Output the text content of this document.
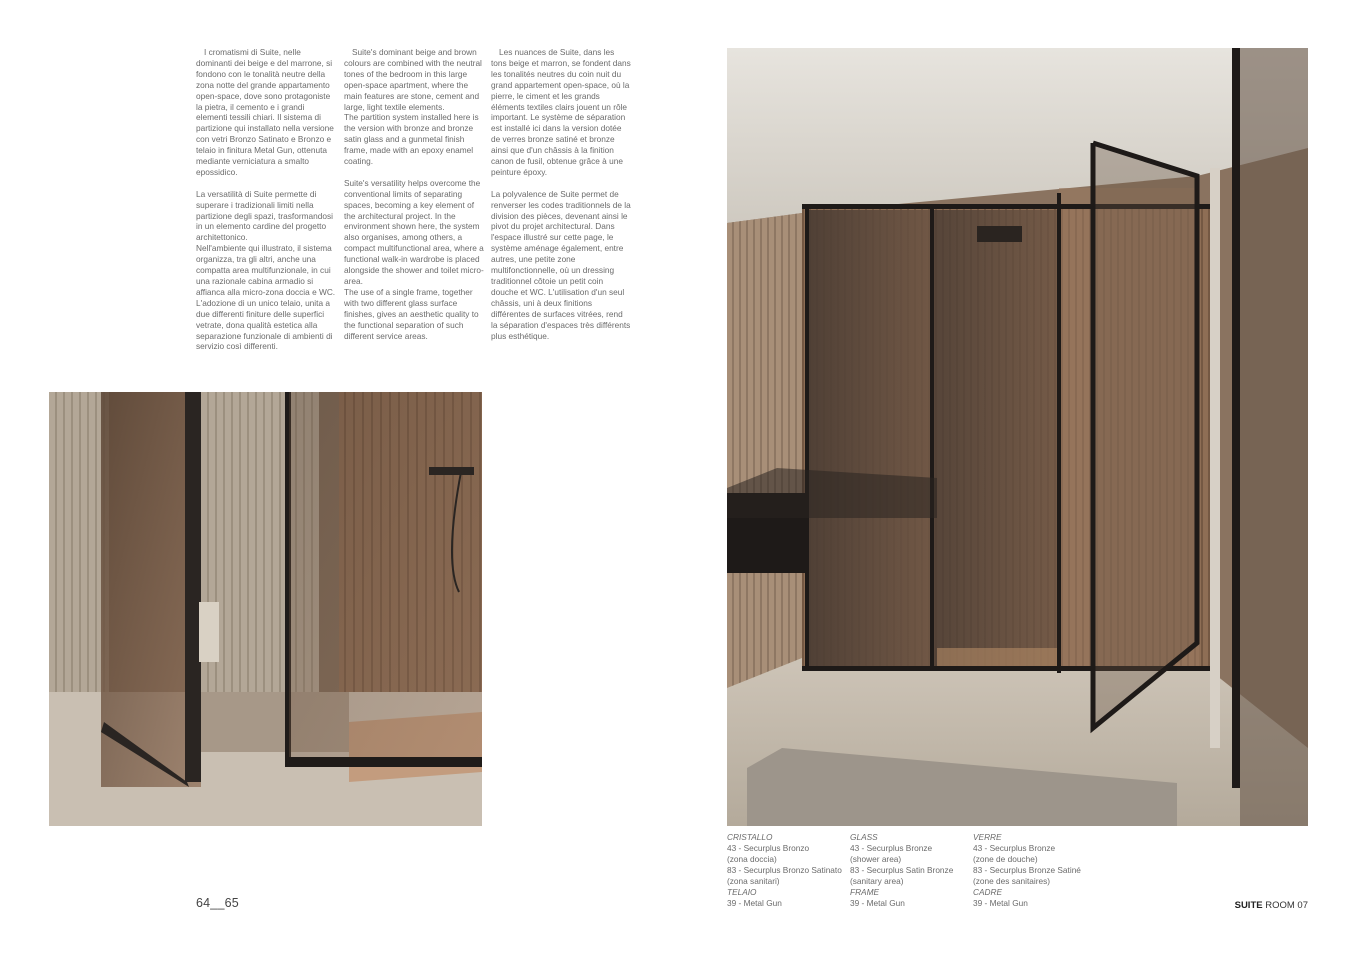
I cromatismi di Suite, nelle dominanti dei beige e del marrone, si fondono con le tonalità neutre della zona notte del grande appartamento open-space, dove sono protagoniste la pietra, il cemento e i grandi elementi tessili chiari. Il sistema di partizione qui installato nella versione con vetri Bronzo Satinato e Bronzo e telaio in finitura Metal Gun, ottenuta mediante verniciatura a smalto epossidico.

La versatilità di Suite permette di superare i tradizionali limiti nella partizione degli spazi, trasformandosi in un elemento cardine del progetto architettonico.

Nell'ambiente qui illustrato, il sistema organizza, tra gli altri, anche una compatta area multifunzionale, in cui una razionale cabina armadio si affianca alla micro-zona doccia e WC. L'adozione di un unico telaio, unita a due differenti finiture delle superfici vetrate, dona qualità estetica alla separazione funzionale di ambienti di servizio così differenti.

Suite's dominant beige and brown colours are combined with the neutral tones of the bedroom in this large open-space apartment, where the main features are stone, cement and large, light textile elements.

The partition system installed here is the version with bronze and bronze satin glass and a gunmetal finish frame, made with an epoxy enamel coating.

Suite's versatility helps overcome the conventional limits of separating spaces, becoming a key element of the architectural project. In the environment shown here, the system also organises, among others, a compact multifunctional area, where a functional walk-in wardrobe is placed alongside the shower and toilet micro-area.

The use of a single frame, together with two different glass surface finishes, gives an aesthetic quality to the functional separation of such different service areas.

Les nuances de Suite, dans les tons beige et marron, se fondent dans les tonalités neutres du coin nuit du grand appartement open-space, où la pierre, le ciment et les grands éléments textiles clairs jouent un rôle important. Le système de séparation est installé ici dans la version dotée de verres bronze satiné et bronze ainsi que d'un châssis à la finition canon de fusil, obtenue grâce à une peinture époxy.

La polyvalence de Suite permet de renverser les codes traditionnels de la division des pièces, devenant ainsi le pivot du projet architectural. Dans l'espace illustré sur cette page, le système aménage également, entre autres, une petite zone multifonctionnelle, où un dressing traditionnel côtoie un petit coin douche et WC. L'utilisation d'un seul châssis, uni à deux finitions différentes de surfaces vitrées, rend la séparation d'espaces très différents plus esthétique.

CRISTALLO
43 - Securplus Bronzo
(zona doccia)
83 - Securplus Bronzo Satinato
(zona sanitari)
TELAIO
39 - Metal Gun
GLASS
43 - Securplus Bronze
(shower area)
83 - Securplus Satin Bronze
(sanitary area)
FRAME
39 - Metal Gun
VERRE
43 - Securplus Bronze
(zone de douche)
83 - Securplus Bronze Satiné
(zone des sanitaires)
CADRE
39 - Metal Gun
64__65	SUITE ROOM 07
